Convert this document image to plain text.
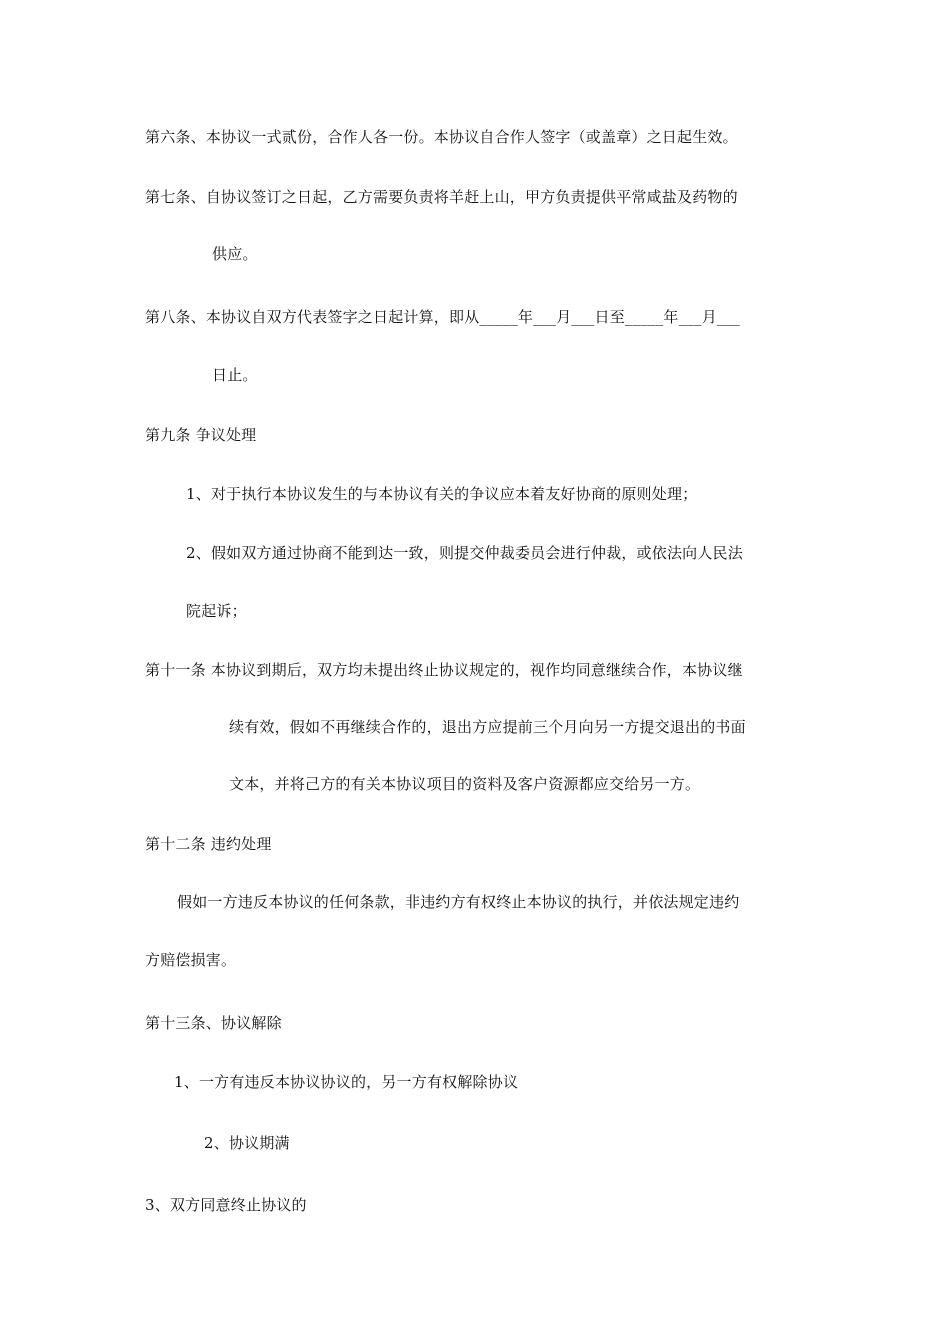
第六条、本协议一式贰份，合作人各一份。本协议自合作人签字（或盖章）之日起生效。
第七条、自协议签订之日起，乙方需要负责将羊赶上山，甲方负责提供平常咸盐及药物的
供应。
第八条、本协议自双方代表签字之日起计算，即从_____年___月___日至_____年___月___
日止。
第九条 争议处理
1、对于执行本协议发生的与本协议有关的争议应本着友好协商的原则处理；
2、假如双方通过协商不能到达一致，则提交仲裁委员会进行仲裁，或依法向人民法
院起诉；
第十一条 本协议到期后，双方均未提出终止协议规定的，视作均同意继续合作，本协议继
续有效，假如不再继续合作的，退出方应提前三个月向另一方提交退出的书面
文本，并将己方的有关本协议项目的资料及客户资源都应交给另一方。
第十二条 违约处理
假如一方违反本协议的任何条款，非违约方有权终止本协议的执行，并依法规定违约
方赔偿损害。
第十三条、协议解除
1、一方有违反本协议协议的，另一方有权解除协议
2、协议期满
3、双方同意终止协议的
